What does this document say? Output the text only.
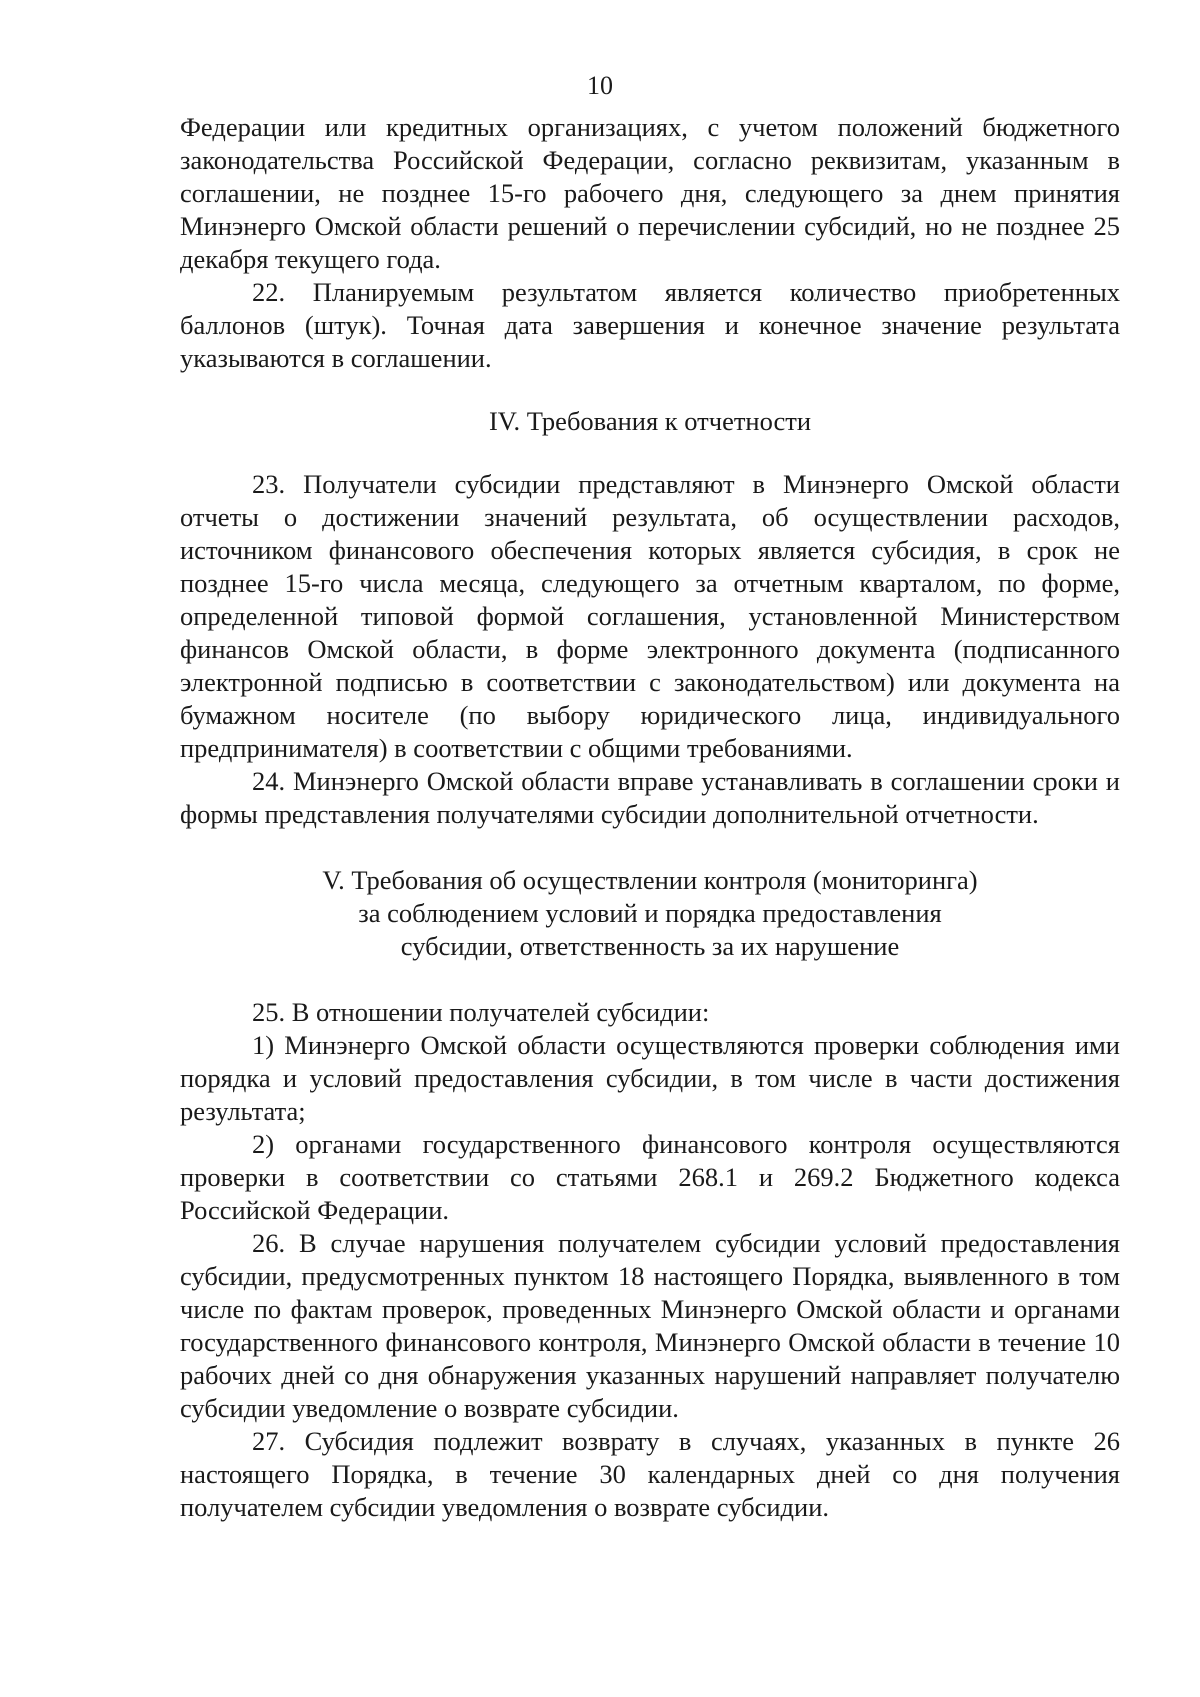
10

Федерации или кредитных организациях, с учетом положений бюджетного законодательства Российской Федерации, согласно реквизитам, указанным в соглашении, не позднее 15-го рабочего дня, следующего за днем принятия Минэнерго Омской области решений о перечислении субсидий, но не позднее 25 декабря текущего года.

22. Планируемым результатом является количество приобретенных баллонов (штук). Точная дата завершения и конечное значение результата указываются в соглашении.

IV. Требования к отчетности

23. Получатели субсидии представляют в Минэнерго Омской области отчеты о достижении значений результата, об осуществлении расходов, источником финансового обеспечения которых является субсидия, в срок не позднее 15-го числа месяца, следующего за отчетным кварталом, по форме, определенной типовой формой соглашения, установленной Министерством финансов Омской области, в форме электронного документа (подписанного электронной подписью в соответствии с законодательством) или документа на бумажном носителе (по выбору юридического лица, индивидуального предпринимателя) в соответствии с общими требованиями.

24. Минэнерго Омской области вправе устанавливать в соглашении сроки и формы представления получателями субсидии дополнительной отчетности.

V. Требования об осуществлении контроля (мониторинга)
за соблюдением условий и порядка предоставления
субсидии, ответственность за их нарушение

25. В отношении получателей субсидии:

1) Минэнерго Омской области осуществляются проверки соблюдения ими порядка и условий предоставления субсидии, в том числе в части достижения результата;

2) органами государственного финансового контроля осуществляются проверки в соответствии со статьями 268.1 и 269.2 Бюджетного кодекса Российской Федерации.

26. В случае нарушения получателем субсидии условий предоставления субсидии, предусмотренных пунктом 18 настоящего Порядка, выявленного в том числе по фактам проверок, проведенных Минэнерго Омской области и органами государственного финансового контроля, Минэнерго Омской области в течение 10 рабочих дней со дня обнаружения указанных нарушений направляет получателю субсидии уведомление о возврате субсидии.

27. Субсидия подлежит возврату в случаях, указанных в пункте 26 настоящего Порядка, в течение 30 календарных дней со дня получения получателем субсидии уведомления о возврате субсидии.
